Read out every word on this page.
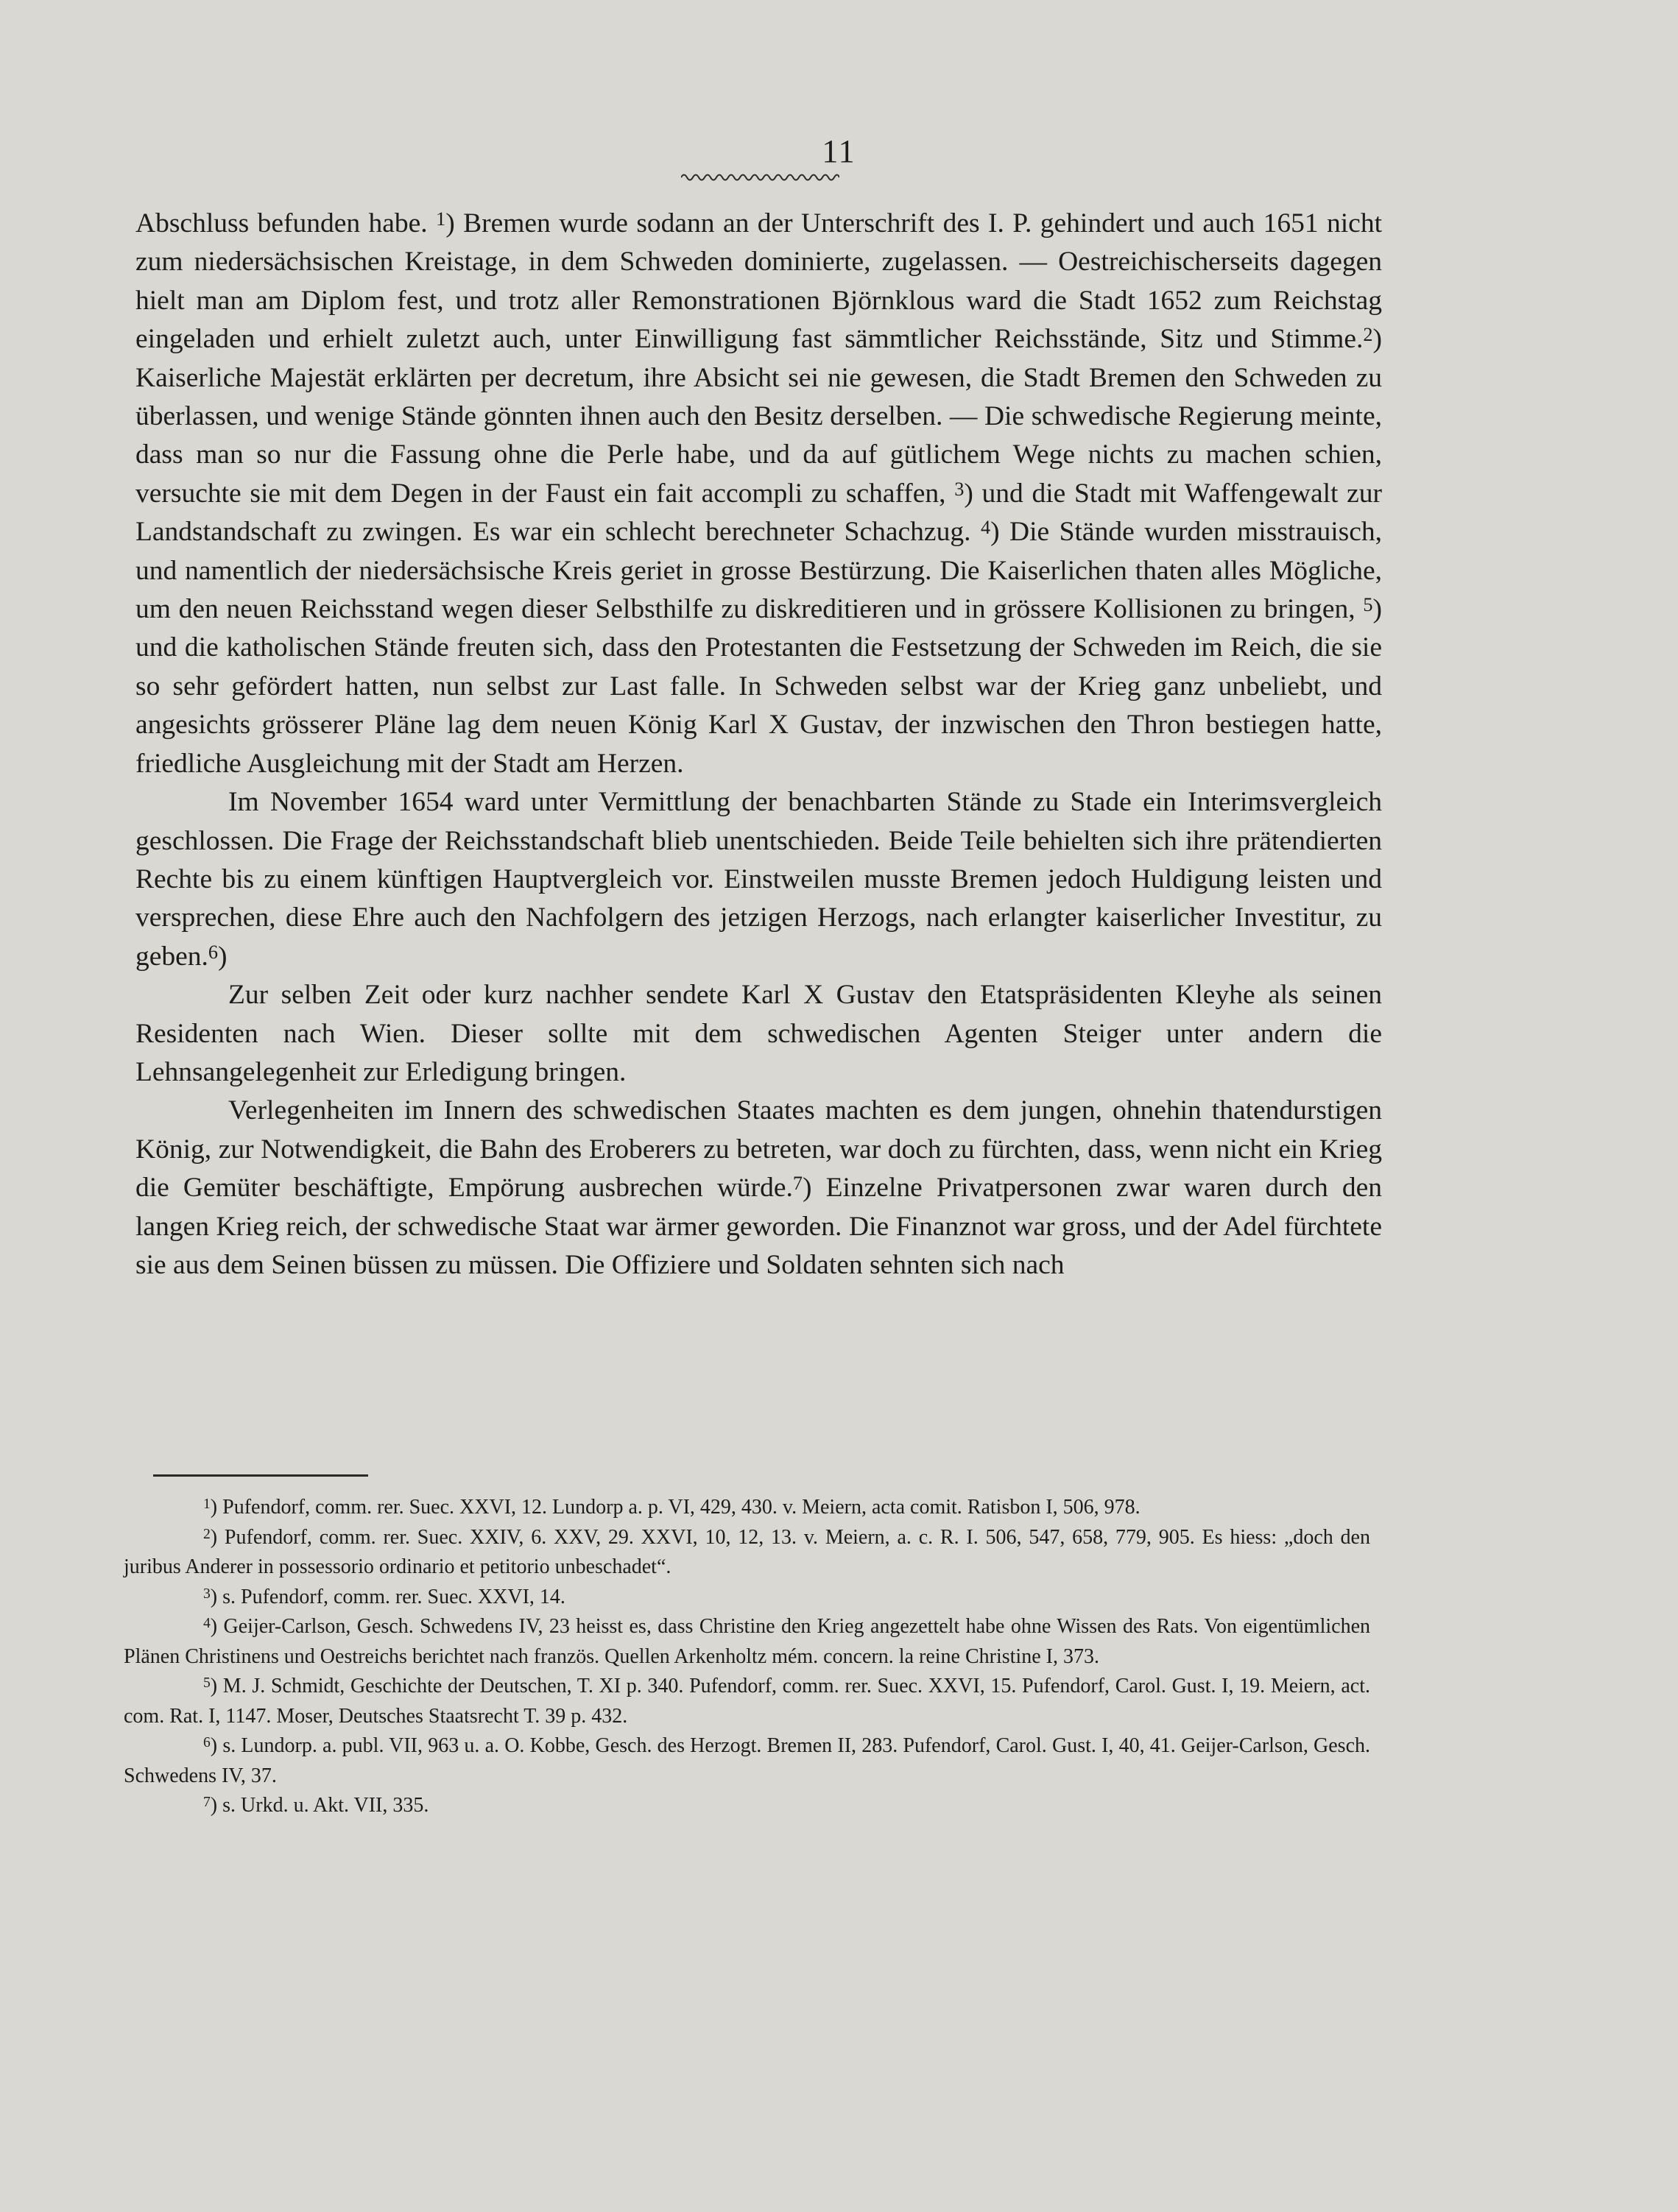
11

Abschluss befunden habe. $^1$) Bremen wurde sodann an der Unterschrift des I. P. gehindert und auch 1651 nicht zum niedersächsischen Kreistage, in dem Schweden dominierte, zugelassen. — Oestreichischerseits dagegen hielt man am Diplom fest, und trotz aller Remonstrationen Björnklous ward die Stadt 1652 zum Reichstag eingeladen und erhielt zuletzt auch, unter Einwilligung fast sämmtlicher Reichsstände, Sitz und Stimme.$^2$) Kaiserliche Majestät erklärten per decretum, ihre Absicht sei nie gewesen, die Stadt Bremen den Schweden zu überlassen, und wenige Stände gönnten ihnen auch den Besitz derselben. — Die schwedische Regierung meinte, dass man so nur die Fassung ohne die Perle habe, und da auf gütlichem Wege nichts zu machen schien, versuchte sie mit dem Degen in der Faust ein fait accompli zu schaffen, $^3$) und die Stadt mit Waffengewalt zur Landstandschaft zu zwingen. Es war ein schlecht berechneter Schachzug. $^4$) Die Stände wurden misstrauisch, und namentlich der niedersächsische Kreis geriet in grosse Bestürzung. Die Kaiserlichen thaten alles Mögliche, um den neuen Reichsstand wegen dieser Selbsthilfe zu diskreditieren und in grössere Kollisionen zu bringen, $^5$) und die katholischen Stände freuten sich, dass den Protestanten die Festsetzung der Schweden im Reich, die sie so sehr gefördert hatten, nun selbst zur Last falle. In Schweden selbst war der Krieg ganz unbeliebt, und angesichts grösserer Pläne lag dem neuen König Karl X Gustav, der inzwischen den Thron bestiegen hatte, friedliche Ausgleichung mit der Stadt am Herzen.

Im November 1654 ward unter Vermittlung der benachbarten Stände zu Stade ein Interimsvergleich geschlossen. Die Frage der Reichsstandschaft blieb unentschieden. Beide Teile behielten sich ihre prätendierten Rechte bis zu einem künftigen Hauptvergleich vor. Einstweilen musste Bremen jedoch Huldigung leisten und versprechen, diese Ehre auch den Nachfolgern des jetzigen Herzogs, nach erlangter kaiserlicher Investitur, zu geben.$^6$)

Zur selben Zeit oder kurz nachher sendete Karl X Gustav den Etatspräsidenten Kleyhe als seinen Residenten nach Wien. Dieser sollte mit dem schwedischen Agenten Steiger unter andern die Lehnsangelegenheit zur Erledigung bringen.

Verlegenheiten im Innern des schwedischen Staates machten es dem jungen, ohnehin thatendurstigen König, zur Notwendigkeit, die Bahn des Eroberers zu betreten, war doch zu fürchten, dass, wenn nicht ein Krieg die Gemüter beschäftigte, Empörung ausbrechen würde.$^7$) Einzelne Privatpersonen zwar waren durch den langen Krieg reich, der schwedische Staat war ärmer geworden. Die Finanznot war gross, und der Adel fürchtete sie aus dem Seinen büssen zu müssen. Die Offiziere und Soldaten sehnten sich nach

$^1$) Pufendorf, comm. rer. Suec. XXVI, 12. Lundorp a. p. VI, 429, 430. v. Meiern, acta comit. Ratisbon I, 506, 978.

$^2$) Pufendorf, comm. rer. Suec. XXIV, 6. XXV, 29. XXVI, 10, 12, 13. v. Meiern, a. c. R. I. 506, 547, 658, 779, 905. Es hiess: „doch den juribus Anderer in possessorio ordinario et petitorio unbeschadet“.

$^3$) s. Pufendorf, comm. rer. Suec. XXVI, 14.

$^4$) Geijer-Carlson, Gesch. Schwedens IV, 23 heisst es, dass Christine den Krieg angezettelt habe ohne Wissen des Rats. Von eigentümlichen Plänen Christinens und Oestreichs berichtet nach französ. Quellen Arkenholtz mém. concern. la reine Christine I, 373.

$^5$) M. J. Schmidt, Geschichte der Deutschen, T. XI p. 340. Pufendorf, comm. rer. Suec. XXVI, 15. Pufendorf, Carol. Gust. I, 19. Meiern, act. com. Rat. I, 1147. Moser, Deutsches Staatsrecht T. 39 p. 432.

$^6$) s. Lundorp. a. publ. VII, 963 u. a. O. Kobbe, Gesch. des Herzogt. Bremen II, 283. Pufendorf, Carol. Gust. I, 40, 41. Geijer-Carlson, Gesch. Schwedens IV, 37.

$^7$) s. Urkd. u. Akt. VII, 335.
